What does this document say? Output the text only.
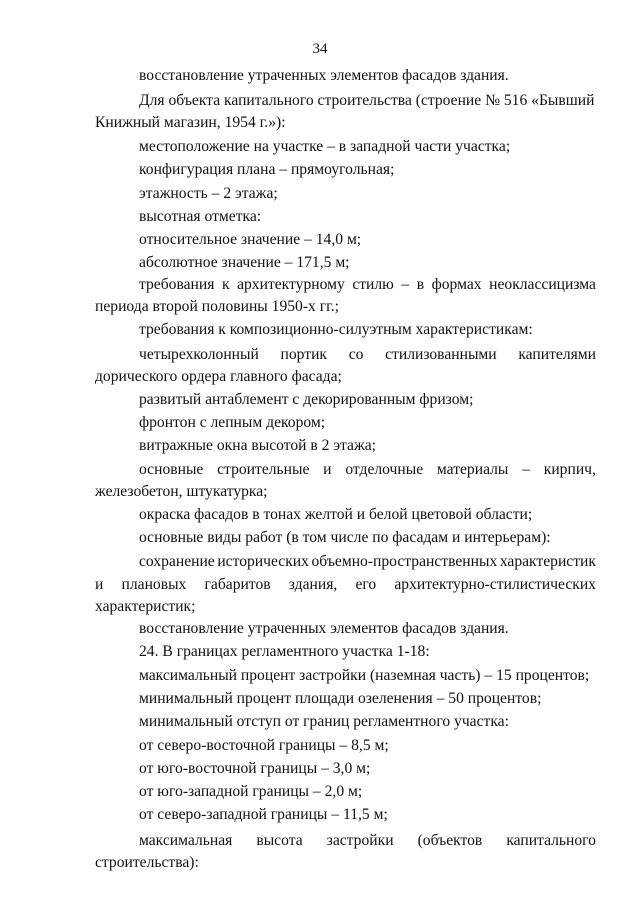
34
восстановление утраченных элементов фасадов здания.
Для объекта капитального строительства (строение № 516 «Бывший
Книжный магазин, 1954 г.»):
местоположение на участке – в западной части участка;
конфигурация плана – прямоугольная;
этажность – 2 этажа;
высотная отметка:
относительное значение – 14,0 м;
абсолютное значение – 171,5 м;
требования к архитектурному стилю – в формах неоклассицизма
периода второй половины 1950-х гг.;
требования к композиционно-силуэтным характеристикам:
четырехколонный портик со стилизованными капителями
дорического ордера главного фасада;
развитый антаблемент с декорированным фризом;
фронтон с лепным декором;
витражные окна высотой в 2 этажа;
основные строительные и отделочные материалы – кирпич,
железобетон, штукатурка;
окраска фасадов в тонах желтой и белой цветовой области;
основные виды работ (в том числе по фасадам и интерьерам):
сохранение исторических объемно-пространственных характеристик
и плановых габаритов здания, его архитектурно-стилистических
характеристик;
восстановление утраченных элементов фасадов здания.
24. В границах регламентного участка 1-18:
максимальный процент застройки (наземная часть) – 15 процентов;
минимальный процент площади озеленения – 50 процентов;
минимальный отступ от границ регламентного участка:
от северо-восточной границы – 8,5 м;
от юго-восточной границы – 3,0 м;
от юго-западной границы – 2,0 м;
от северо-западной границы – 11,5 м;
максимальная высота застройки (объектов капитального
строительства):
